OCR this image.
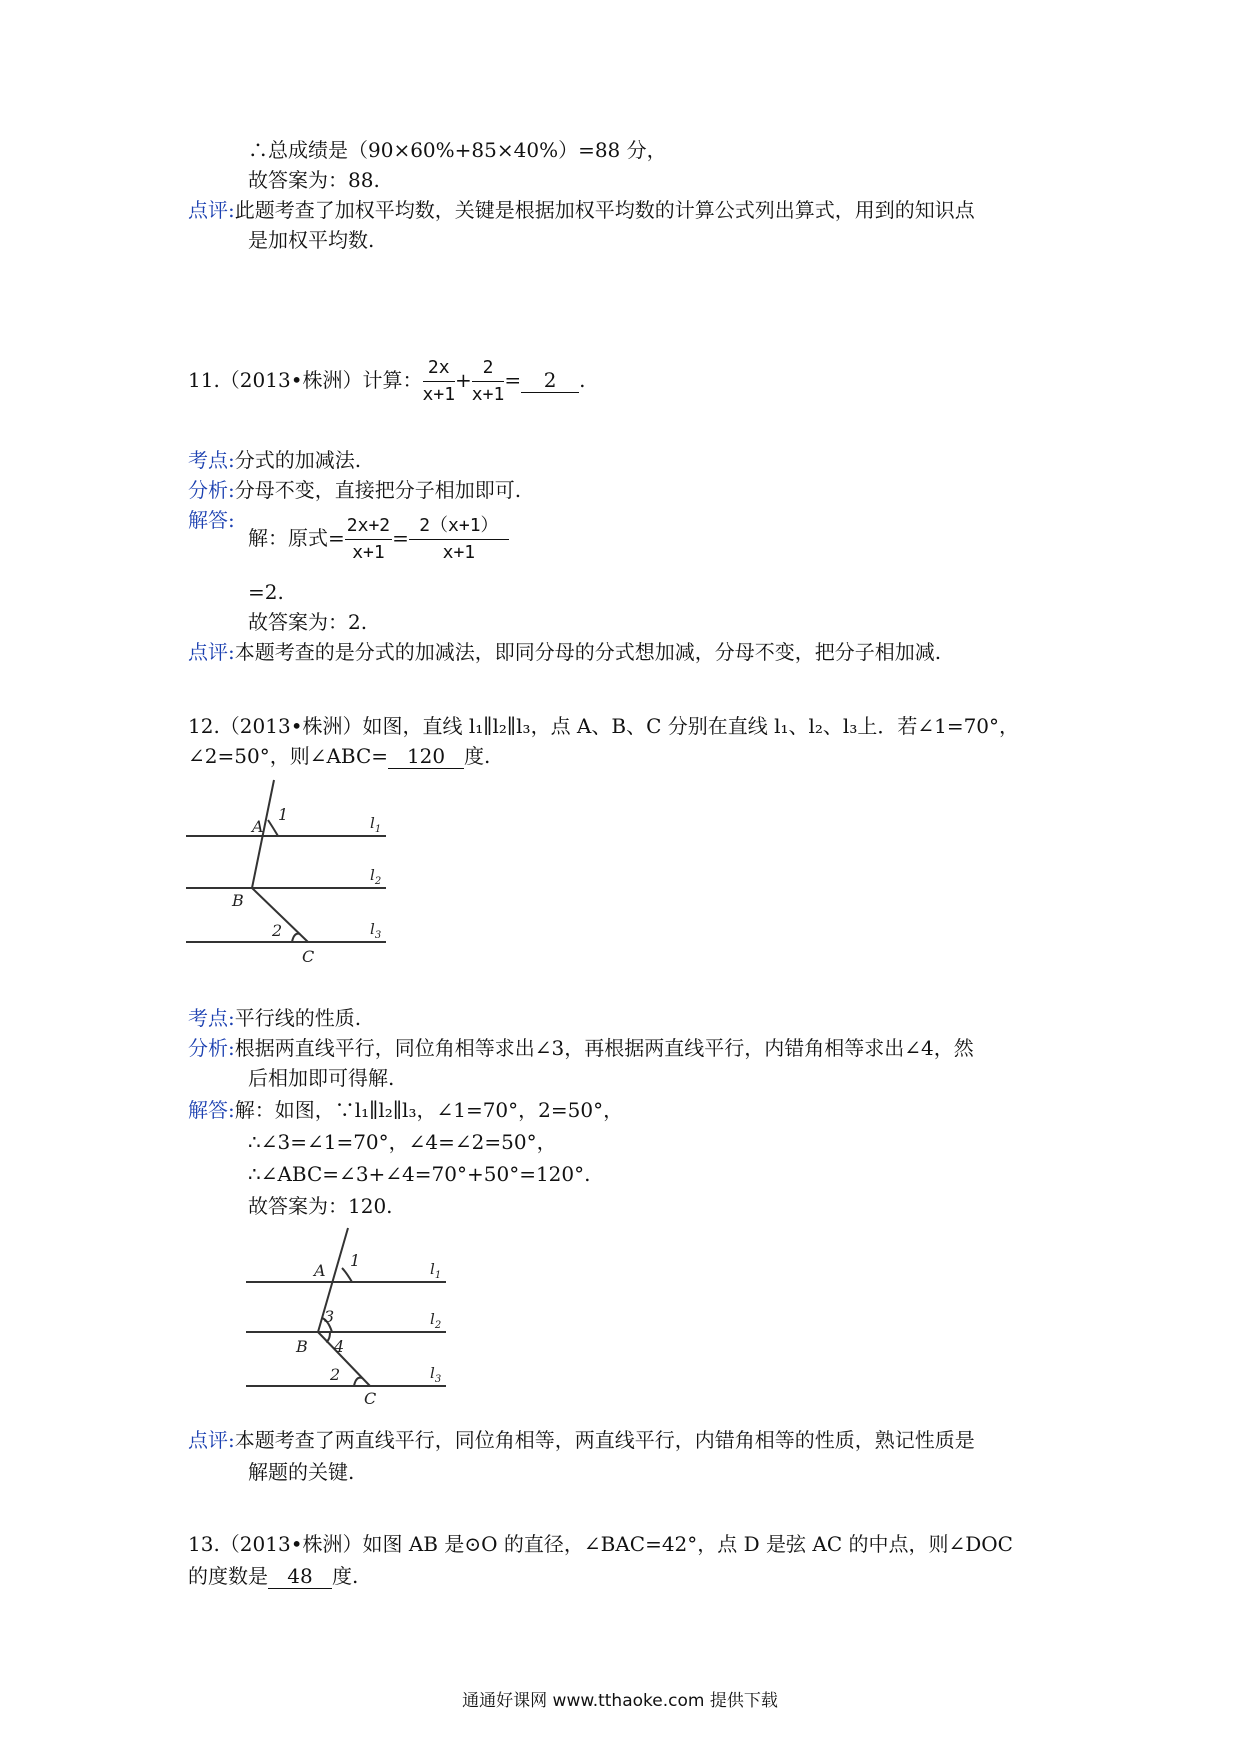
∴总成绩是（90×60%+85×40%）=88 分，
故答案为：88.
点评:此题考查了加权平均数，关键是根据加权平均数的计算公式列出算式，用到的知识点
是加权平均数.
11.（2013•株洲）计算： $\frac{2x}{x+1} + \frac{2}{x+1} = 2$ .
考点:分式的加减法.
分析:分母不变，直接把分子相加即可.
解答:
解：原式= $\frac{2x+2}{x+1} = \frac{2(x+1)}{x+1}$
=2.
故答案为：2.
点评:本题考查的是分式的加减法，即同分母的分式想加减，分母不变，把分子相加减.
12.（2013•株洲）如图，直线 l₁∥l₂∥l₃，点 A、B、C 分别在直线 l₁、l₂、l₃上．若∠1=70°，
∠2=50°，则∠ABC= 120 度.
A
1
B
2
C
$l_1$
$l_2$
$l_3$
考点:平行线的性质.
分析:根据两直线平行，同位角相等求出∠3，再根据两直线平行，内错角相等求出∠4，然
后相加即可得解.
解答:解：如图，∵l₁∥l₂∥l₃，∠1=70°，2=50°，
∴∠3=∠1=70°，∠4=∠2=50°，
∴∠ABC=∠3+∠4=70°+50°=120°.
故答案为：120.
A
1
3
B 4
2
C
$l_1$
$l_2$
$l_3$
点评:本题考查了两直线平行，同位角相等，两直线平行，内错角相等的性质，熟记性质是
解题的关键.
13.（2013•株洲）如图 AB 是⊙O 的直径，∠BAC=42°，点 D 是弦 AC 的中点，则∠DOC
的度数是 48 度.
通通好课网 www.tthaoke.com 提供下载
